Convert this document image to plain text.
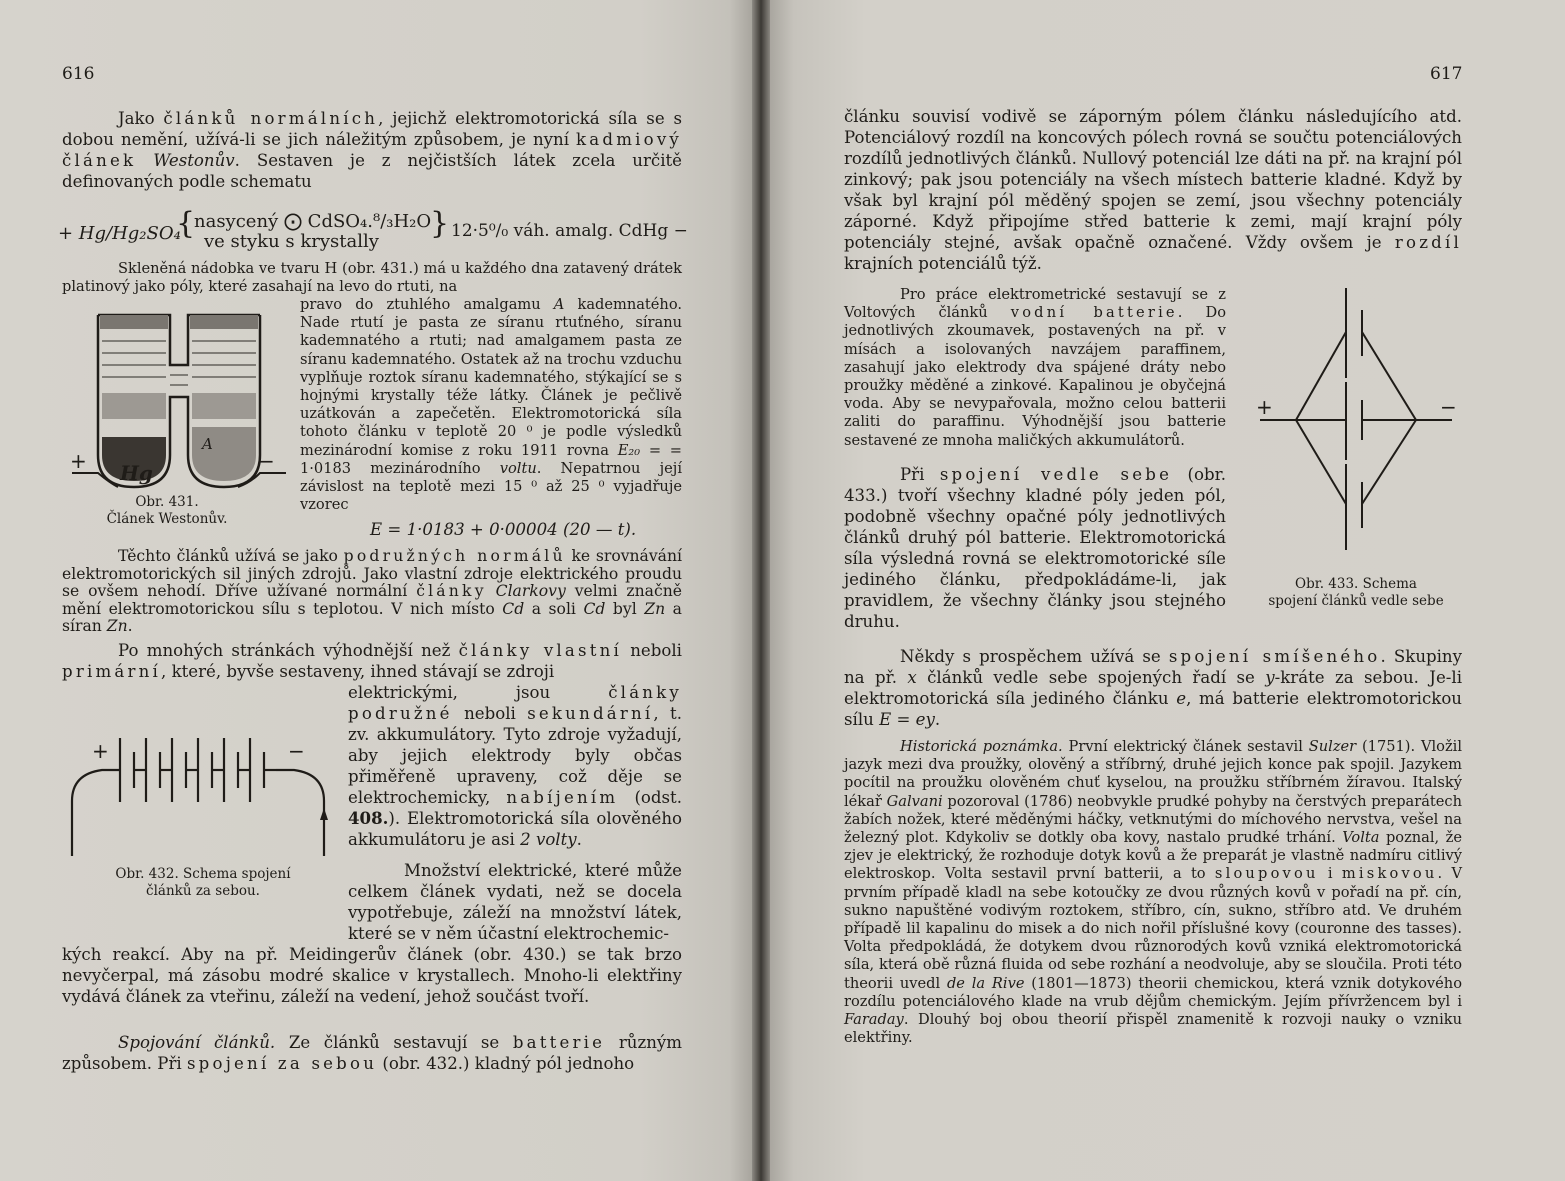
616

Jako článků normálních, jejichž elektromotorická síla se s dobou nemění, užívá-li se jich náležitým způsobem, je nyní kadmiový článek Westonův. Sestaven je z nejčistších látek zcela určitě definovaných podle schematu

+ Hg/Hg₂SO₄
{
nasycený ⨀ CdSO₄.⁸/₃H₂O
ve styku s krystally
} 12·5⁰/₀ váh. amalg. CdHg −

Skleněná nádobka ve tvaru H (obr. 431.) má u každého dna zatavený drátek platinový jako póly, které zasahají na levo do rtuti, na

pravo do ztuhlého amalgamu A kademnatého. Nade rtutí je pasta ze síranu rtuťného, síranu kademnatého a rtuti; nad amalgamem pasta ze síranu kademnatého. Ostatek až na trochu vzduchu vyplňuje roztok síranu kademnatého, stýkající se s hojnými krystally téže látky. Článek je pečlivě uzátkován a zapečetěn. Elektromotorická síla tohoto článku v teplotě 20 ⁰ je podle výsledků mezinárodní komise z roku 1911 rovna E₂₀ = = 1·0183 mezinárodního voltu. Nepatrnou její závislost na teplotě mezi 15 ⁰ až 25 ⁰ vyjadřuje vzorec

E = 1·0183 + 0·00004 (20 — t).
A
+	−
Hg

Obr. 431.
Článek Westonův.

Těchto článků užívá se jako podružných normálů ke srovnávání elektromotorických sil jiných zdrojů. Jako vlastní zdroje elektrického proudu se ovšem nehodí. Dříve užívané normální články Clarkovy velmi značně mění elektromotorickou sílu s teplotou. V nich místo Cd a soli Cd byl Zn a síran Zn.

Po mnohých stránkách výhodnější než články vlastní neboli primární, které, byvše sestaveny, ihned stávají se zdroji

elektrickými, jsou články podružné neboli sekundární, t. zv. akkumulátory. Tyto zdroje vyžadují, aby jejich elektrody byly občas přiměřeně upraveny, což děje se elektrochemicky, nabíjením (odst. 408.). Elektromotorická síla olověného akkumulátoru je asi 2 volty.

Množství elektrické, které může celkem článek vydati, než se docela vypotřebuje, záleží na množství látek, které se v něm účastní elektrochemic-

kých reakcí. Aby na př. Meidingerův článek (obr. 430.) se tak brzo nevyčerpal, má zásobu modré skalice v krystallech. Mnoho-li elektřiny vydává článek za vteřinu, záleží na vedení, jehož součást tvoří.

Spojování článků. Ze článků sestavují se batterie různým způsobem. Při spojení za sebou (obr. 432.) kladný pól jednoho

+	−

Obr. 432. Schema spojení
článků za sebou.

617

článku souvisí vodivě se záporným pólem článku následujícího atd. Potenciálový rozdíl na koncových pólech rovná se součtu potenciálových rozdílů jednotlivých článků. Nullový potenciál lze dáti na př. na krajní pól zinkový; pak jsou potenciály na všech místech batterie kladné. Když by však byl krajní pól měděný spojen se zemí, jsou všechny potenciály záporné. Když připojíme střed batterie k zemi, mají krajní póly potenciály stejné, avšak opačně označené. Vždy ovšem je rozdíl krajních potenciálů týž.

Pro práce elektrometrické sestavují se z Voltových článků vodní batterie. Do jednotlivých zkoumavek, postavených na př. v mísách a isolovaných navzájem paraffinem, zasahují jako elektrody dva spájené dráty nebo proužky měděné a zinkové. Kapalinou je obyčejná voda. Aby se nevypařovala, možno celou batterii zaliti do paraffinu. Výhodnější jsou batterie sestavené ze mnoha maličkých akkumulátorů.

Při spojení vedle sebe (obr. 433.) tvoří všechny kladné póly jeden pól, podobně všechny opačné póly jednotlivých článků druhý pól batterie. Elektromotorická síla výsledná rovná se elektromotorické síle jediného článku, předpokládáme-li, jak pravidlem, že všechny články jsou stejného druhu.

+	−

Obr. 433. Schema
spojení článků vedle sebe

Někdy s prospěchem užívá se spojení smíšeného. Skupiny na př. x článků vedle sebe spojených řadí se y-kráte za sebou. Je-li elektromotorická síla jediného článku e, má batterie elektromotorickou sílu E = ey.

Historická poznámka. První elektrický článek sestavil Sulzer (1751). Vložil jazyk mezi dva proužky, olověný a stříbrný, druhé jejich konce pak spojil. Jazykem pocítil na proužku olověném chuť kyselou, na proužku stříbrném žíravou. Italský lékař Galvani pozoroval (1786) neobvykle prudké pohyby na čerstvých preparátech žabích nožek, které měděnými háčky, vetknutými do míchového nervstva, vešel na železný plot. Kdykoliv se dotkly oba kovy, nastalo prudké trhání. Volta poznal, že zjev je elektrický, že rozhoduje dotyk kovů a že preparát je vlastně nadmíru citlivý elektroskop. Volta sestavil první batterii, a to sloupovou i miskovou. V prvním případě kladl na sebe kotoučky ze dvou různých kovů v pořadí na př. cín, sukno napuštěné vodivým roztokem, stříbro, cín, sukno, stříbro atd. Ve druhém případě lil kapalinu do misek a do nich nořil příslušné kovy (couronne des tasses). Volta předpokládá, že dotykem dvou různorodých kovů vzniká elektromotorická síla, která obě různá fluida od sebe rozhání a neodvoluje, aby se sloučila. Proti této theorii uvedl de la Rive (1801—1873) theorii chemickou, která vznik dotykového rozdílu potenciálového klade na vrub dějům chemickým. Jejím přívržencem byl i Faraday. Dlouhý boj obou theorií přispěl znamenitě k rozvoji nauky o vzniku elektřiny.
